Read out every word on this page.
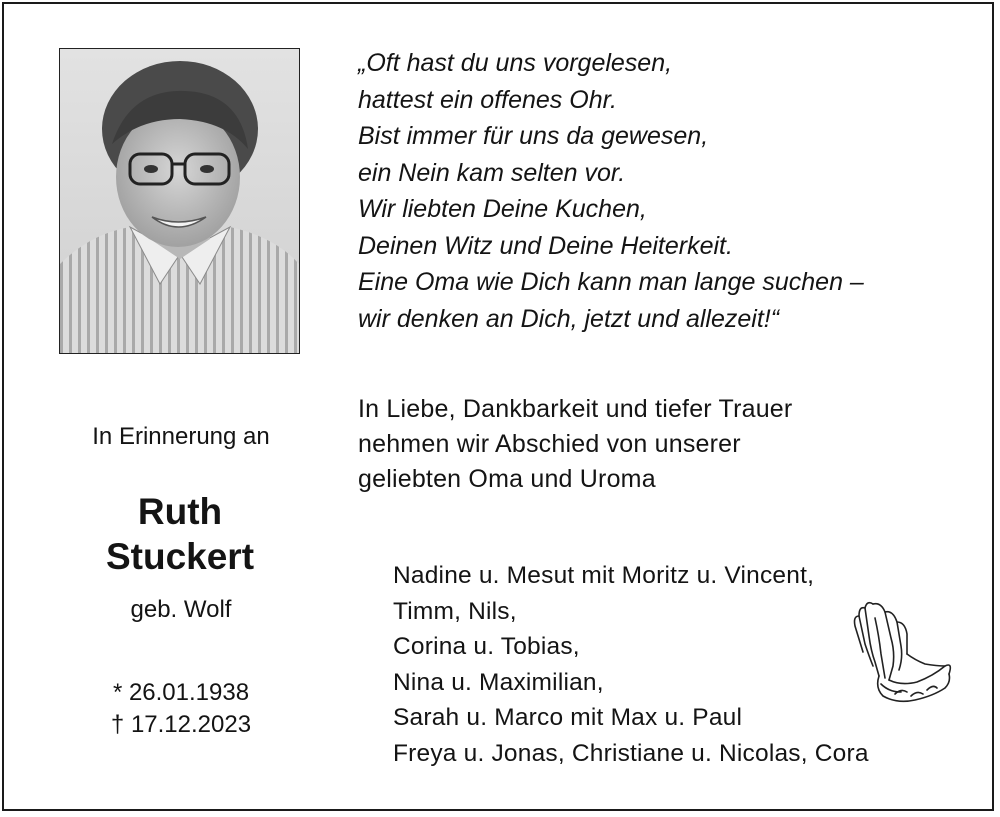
„Oft hast du uns vorgelesen,
hattest ein offenes Ohr.
Bist immer für uns da gewesen,
ein Nein kam selten vor.
Wir liebten Deine Kuchen,
Deinen Witz und Deine Heiterkeit.
Eine Oma wie Dich kann man lange suchen –
wir denken an Dich, jetzt und allezeit!“
In Erinnerung an
Ruth
Stuckert
geb. Wolf
* 26.01.1938
† 17.12.2023
In Liebe, Dankbarkeit und tiefer Trauer
nehmen wir Abschied von unserer
geliebten Oma und Uroma
Nadine u. Mesut mit Moritz u. Vincent,
Timm, Nils,
Corina u. Tobias,
Nina u. Maximilian,
Sarah u. Marco mit Max u. Paul
Freya u. Jonas, Christiane u. Nicolas, Cora
